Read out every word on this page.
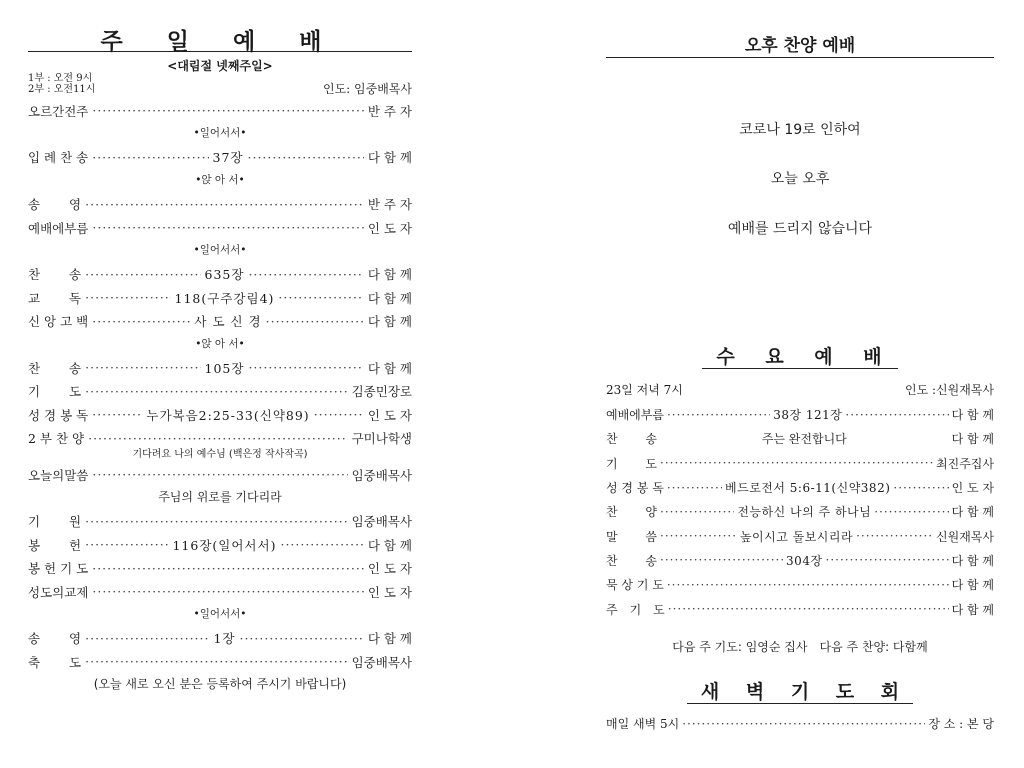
주 일 예 배
<대림절 넷째주일>
1부 : 오전 9시
2부 : 오전11시	인도: 임중배목사
오르간전주 ·····	반 주 자
•일어서서•
입 례 찬 송 ·····	37장 ·····	다 함 께
•앉 아 서•
송　　 영 ·····	반 주 자
예배에부름 ·····	인 도 자
•일어서서•
찬　　 송 ·····	635장 ·····	다 함 께
교　　 독 ·····	118(구주강림4) ·····	다 함 께
신 앙 고 백 ·····	사 도 신 경 ·····	다 함 께
•앉 아 서•
찬　　 송 ·····	105장 ·····	다 함 께
기　　 도 ·····	김종민장로
성 경 봉 독 ·····	누가복음2:25-33(신약89) ·····	인 도 자
2 부 찬 양 ·····	구미나학생
기다려요 나의 예수님 (백은정 작사작곡)
오늘의말씀 ·····	임중배목사
주님의 위로를 기다리라
기　　 원 ·····	임중배목사
봉　　 헌 ·····	116장(일어서서) ·····	다 함 께
봉 헌 기 도 ·····	인 도 자
성도의교제 ·····	인 도 자
•일어서서•
송　　 영 ·····	1장 ·····	다 함 께
축　　 도 ·····	임중배목사
(오늘 새로 오신 분은 등록하여 주시기 바랍니다)
오후 찬양 예배
코로나 19로 인하여
오늘 오후
예배를 드리지 않습니다
수 요 예 배
23일 저녁 7시	인도 :신원재목사
예배에부름 ·····	38장 121장 ·····	다 함 께
찬　　 송	주는 완전합니다	다 함 께
기　　 도 ·····	최진주집사
성 경 봉 독 ·····	베드로전서 5:6-11(신약382) ·····	인 도 자
찬　　 양 ·····	전능하신 나의 주 하나님 ·····	다 함 께
말　　 씀 ·····	높이시고 돌보시리라 ·····	신원재목사
찬　　 송 ·····	304장 ·····	다 함 께
묵 상 기 도 ·····	다 함 께
주　기　도 ·····	다 함 께
다음 주 기도: 임영순 집사　다음 주 찬양: 다함께
새 벽 기 도 회
매일 새벽 5시 ·····	장 소 : 본 당
